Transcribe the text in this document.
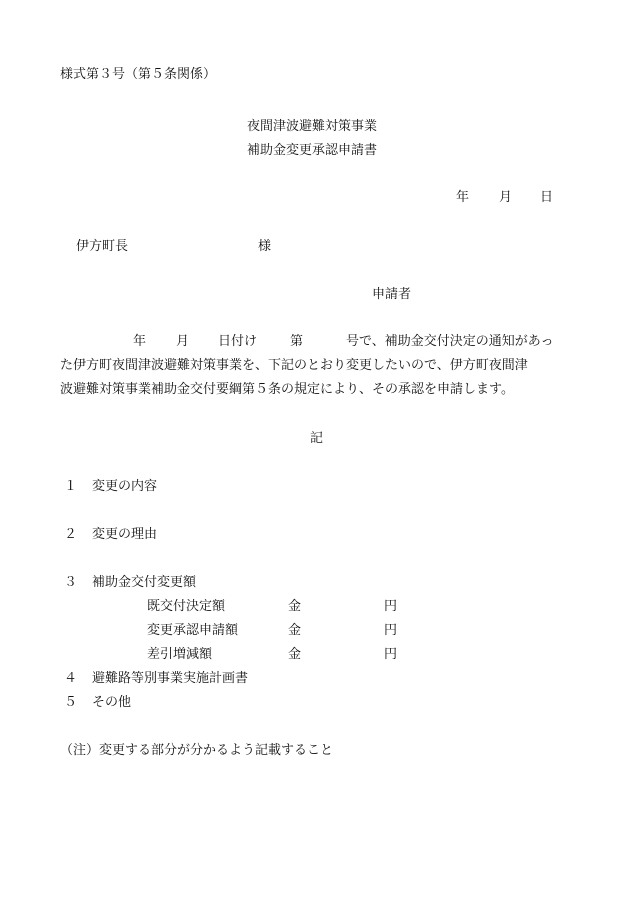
様式第３号（第５条関係）
夜間津波避難対策事業
補助金変更承認申請書
年 月 日
伊方町長	様
申請者
年 月 日付け	第	号で、補助金交付決定の通知があっ
た伊方町夜間津波避難対策事業を、下記のとおり変更したいので、伊方町夜間津
波避難対策事業補助金交付要綱第５条の規定により、その承認を申請します。
記
１ 変更の内容
２ 変更の理由
３ 補助金交付変更額
既交付決定額	金	円
変更承認申請額	金	円
差引増減額	金	円
４ 避難路等別事業実施計画書
５ その他
（注）変更する部分が分かるよう記載すること
